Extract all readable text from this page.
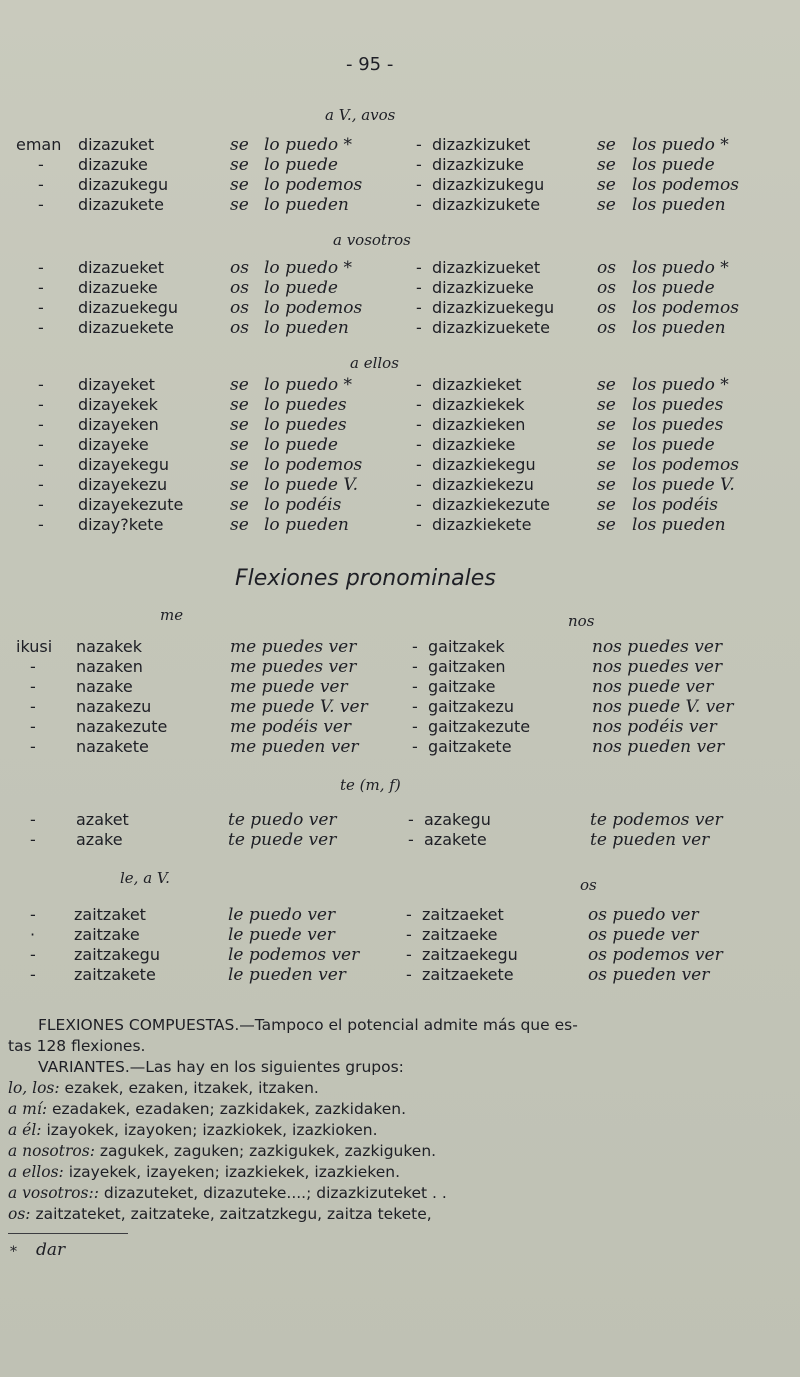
- 95 -
a V., avos
eman
-
-
-
dizazuket
dizazuke
dizazukegu
dizazukete
se
se
se
se
lo puedo *
lo puede
lo podemos
lo pueden
-
-
-
-
dizazkizuket
dizazkizuke
dizazkizukegu
dizazkizukete
se
se
se
se
los puedo *
los puede
los podemos
los pueden
a vosotros
-
-
-
-
dizazueket
dizazueke
dizazuekegu
dizazuekete
os
os
os
os
lo puedo *
lo puede
lo podemos
lo pueden
-
-
-
-
dizazkizueket
dizazkizueke
dizazkizuekegu
dizazkizuekete
os
os
os
os
los puedo *
los puede
los podemos
los pueden
a ellos
-
-
-
-
-
-
-
-
dizayeket
dizayekek
dizayeken
dizayeke
dizayekegu
dizayekezu
dizayekezute
dizay?kete
se
se
se
se
se
se
se
se
lo puedo *
lo puedes
lo puedes
lo puede
lo podemos
lo puede V.
lo podéis
lo pueden
-
-
-
-
-
-
-
-
dizazkieket
dizazkiekek
dizazkieken
dizazkieke
dizazkiekegu
dizazkiekezu
dizazkiekezute
dizazkiekete
se
se
se
se
se
se
se
se
los puedo *
los puedes
los puedes
los puede
los podemos
los puede V.
los podéis
los pueden
Flexiones pronominales
me	nos
ikusi
-
-
-
-
-
nazakek
nazaken
nazake
nazakezu
nazakezute
nazakete
me puedes ver
me puedes ver
me puede ver
me puede V. ver
me podéis ver
me pueden ver
-
-
-
-
-
-
gaitzakek
gaitzaken
gaitzake
gaitzakezu
gaitzakezute
gaitzakete
nos puedes ver
nos puedes ver
nos puede ver
nos puede V. ver
nos podéis ver
nos pueden ver
te (m, f)
-
-
azaket
azake
te puedo ver
te puede ver
-
-
azakegu
azakete
te podemos ver
te pueden ver
le, a V.	os
-
·
-
-
zaitzaket
zaitzake
zaitzakegu
zaitzakete
le puedo ver
le puede ver
le podemos ver
le pueden ver
-
-
-
-
zaitzaeket
zaitzaeke
zaitzaekegu
zaitzaekete
os puedo ver
os puede ver
os podemos ver
os pueden ver
FLEXIONES COMPUESTAS.—Tampoco el potencial admite más que es-
tas 128 flexiones.
VARIANTES.—Las hay en los siguientes grupos:
lo, los: ezakek, ezaken, itzakek, itzaken.
a mí: ezadakek, ezadaken; zazkidakek, zazkidaken.
a él: izayokek, izayoken; izazkiokek, izazkioken.
a nosotros: zagukek, zaguken; zazkigukek, zazkiguken.
a ellos: izayekek, izayeken; izazkiekek, izazkieken.
a vosotros:: dizazuteket, dizazuteke....; dizazkizuteket . .
os: zaitzateket, zaitzateke, zaitzatzkegu, zaitza tekete,
* dar
